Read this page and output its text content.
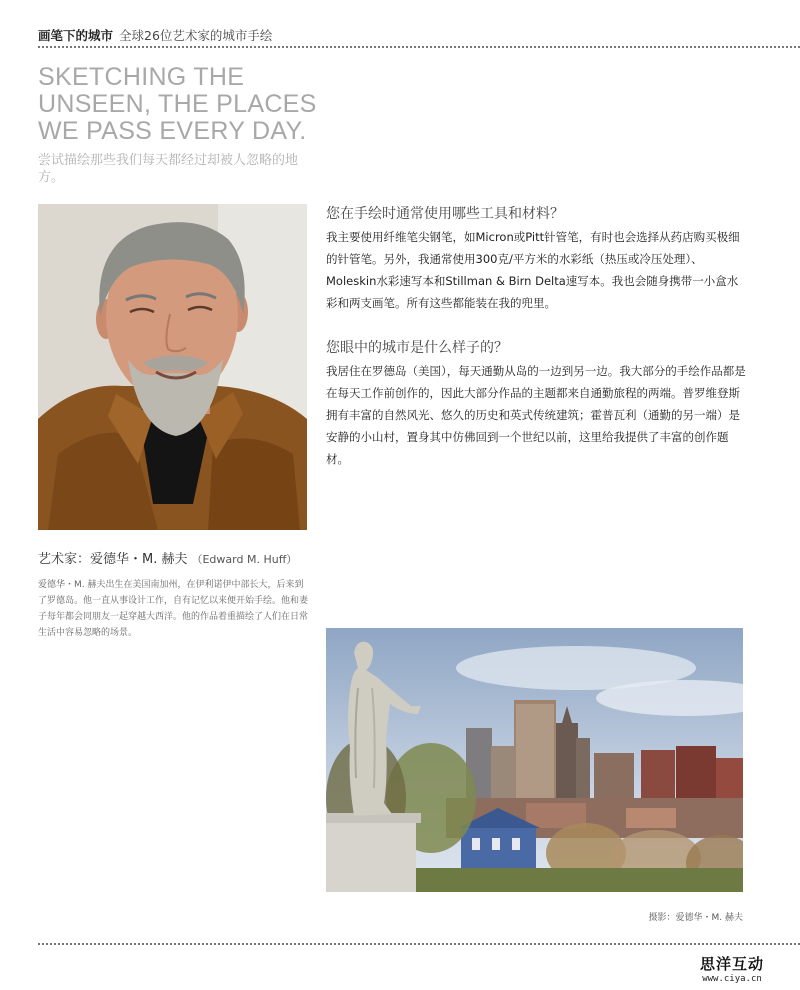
画笔下的城市 全球26位艺术家的城市手绘
SKETCHING THE
UNSEEN, THE PLACES
WE PASS EVERY DAY.
尝试描绘那些我们每天都经过却被人忽略的地方。
您在手绘时通常使用哪些工具和材料？
我主要使用纤维笔尖钢笔，如Micron或Pitt针管笔，有时也会选择从药店购买极细的针管笔。另外，我通常使用300克/平方米的水彩纸（热压或冷压处理）、Moleskin水彩速写本和Stillman & Birn Delta速写本。我也会随身携带一小盒水彩和两支画笔。所有这些都能装在我的兜里。
您眼中的城市是什么样子的？
我居住在罗德岛（美国），每天通勤从岛的一边到另一边。我大部分的手绘作品都是在每天工作前创作的，因此大部分作品的主题都来自通勤旅程的两端。普罗维登斯拥有丰富的自然风光、悠久的历史和英式传统建筑；霍普瓦利（通勤的另一端）是安静的小山村，置身其中仿佛回到一个世纪以前，这里给我提供了丰富的创作题材。
艺术家：爱德华・M. 赫夫 （Edward M. Huff）
爱德华・M. 赫夫出生在美国南加州，在伊利诺伊中部长大，后来到了罗德岛。他一直从事设计工作，自有记忆以来便开始手绘。他和妻子每年都会同朋友一起穿越大西洋。他的作品着重描绘了人们在日常生活中容易忽略的场景。
摄影：爱德华・M. 赫夫
思洋互动
www.ciya.cn
